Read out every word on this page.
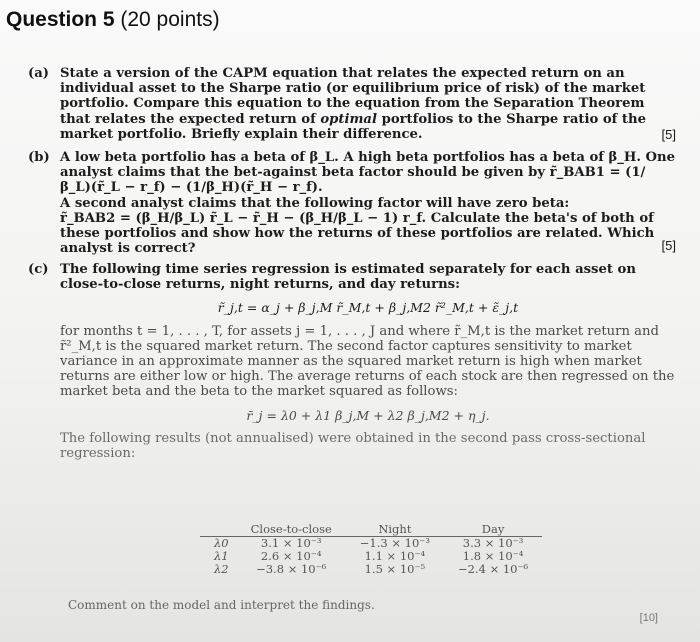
Question 5 (20 points)
(a) State a version of the CAPM equation that relates the expected return on an individual asset to the Sharpe ratio (or equilibrium price of risk) of the market portfolio. Compare this equation to the equation from the Separation Theorem that relates the expected return of optimal portfolios to the Sharpe ratio of the market portfolio. Briefly explain their difference.	[5]
(b) A low beta portfolio has a beta of β_L. A high beta portfolios has a beta of β_H. One analyst claims that the bet-against beta factor should be given by r̃_BAB1 = (1/β_L)(r̃_L − r_f) − (1/β_H)(r̃_H − r_f).
A second analyst claims that the following factor will have zero beta:
r̃_BAB2 = (β_H/β_L) r̃_L − r̃_H − (β_H/β_L − 1) r_f. Calculate the beta's of both of these portfolios and show how the returns of these portfolios are related. Which analyst is correct?	[5]
(c) The following time series regression is estimated separately for each asset on close-to-close returns, night returns, and day returns:
r̃_j,t = α_j + β_j,M r̃_M,t + β_j,M2 r̃²_M,t + ε̃_j,t
for months t = 1, . . . , T, for assets j = 1, . . . , J and where r̃_M,t is the market return and r̃²_M,t is the squared market return. The second factor captures sensitivity to market variance in an approximate manner as the squared market return is high when market returns are either low or high. The average returns of each stock are then regressed on the market beta and the beta to the market squared as follows:
r̄_j = λ0 + λ1 β_j,M + λ2 β_j,M2 + η_j.
The following results (not annualised) were obtained in the second pass cross-sectional regression:
	Close-to-close	Night	Day
λ0	3.1 × 10⁻³	−1.3 × 10⁻³	3.3 × 10⁻³
λ1	2.6 × 10⁻⁴	1.1 × 10⁻⁴	1.8 × 10⁻⁴
λ2	−3.8 × 10⁻⁶	1.5 × 10⁻⁵	−2.4 × 10⁻⁶
Comment on the model and interpret the findings.
[10]
